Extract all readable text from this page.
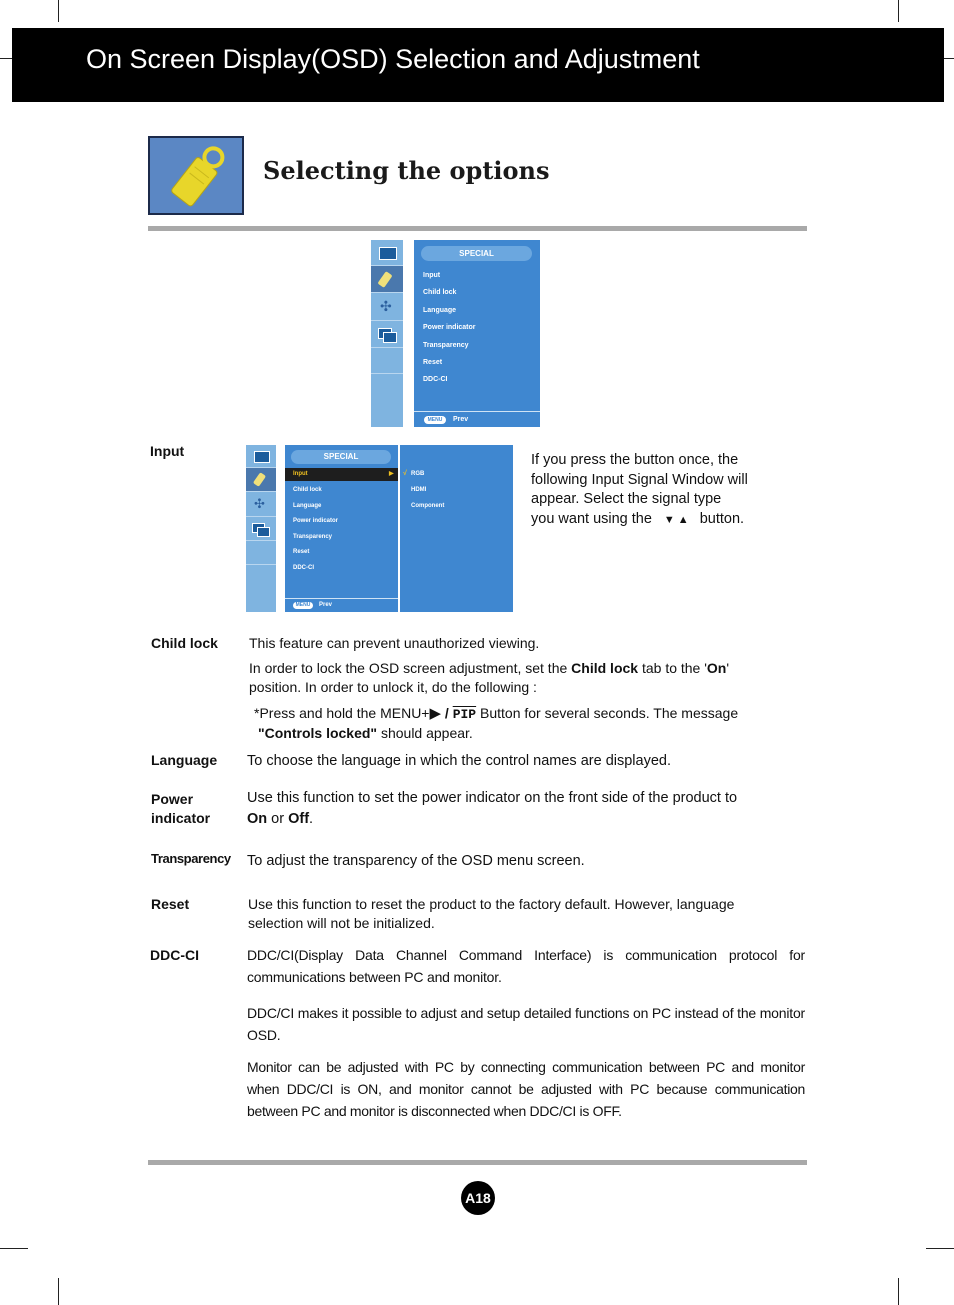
On Screen Display(OSD) Selection and Adjustment
Selecting the options
✣
SPECIAL
Input
Child lock
Language
Power indicator
Transparency
Reset
DDC-CI
MENU	Prev
Input
✣
SPECIAL
Input	▶
Child lock
Language
Power indicator
Transparency
Reset
DDC-CI
MENU	Prev
√ RGB
HDMI
Component
If you press the button once, the
following Input Signal Window will
appear. Select the signal type
you want using the ▼▲ button.
Child lock This feature can prevent unauthorized viewing.
In order to lock the OSD screen adjustment, set the Child lock tab to the 'On'
position. In order to unlock it, do the following :
*Press and hold the MENU+▶ / $\overline{PIP}$ Button for several seconds. The message
"Controls locked" should appear.
Language To choose the language in which the control names are displayed.
Power
indicator
Use this function to set the power indicator on the front side of the product to
On or Off.
Transparency To adjust the transparency of the OSD menu screen.
Reset	Use this function to reset the product to the factory default. However, language selection will not be initialized.
DDC-CI	DDC/CI(Display Data Channel Command Interface) is communication protocol for communications between PC and monitor.
DDC/CI makes it possible to adjust and setup detailed functions on PC instead of the monitor OSD.
Monitor can be adjusted with PC by connecting communication between PC and monitor when DDC/CI is ON, and monitor cannot be adjusted with PC because communication between PC and monitor is disconnected when DDC/CI is OFF.
A18
